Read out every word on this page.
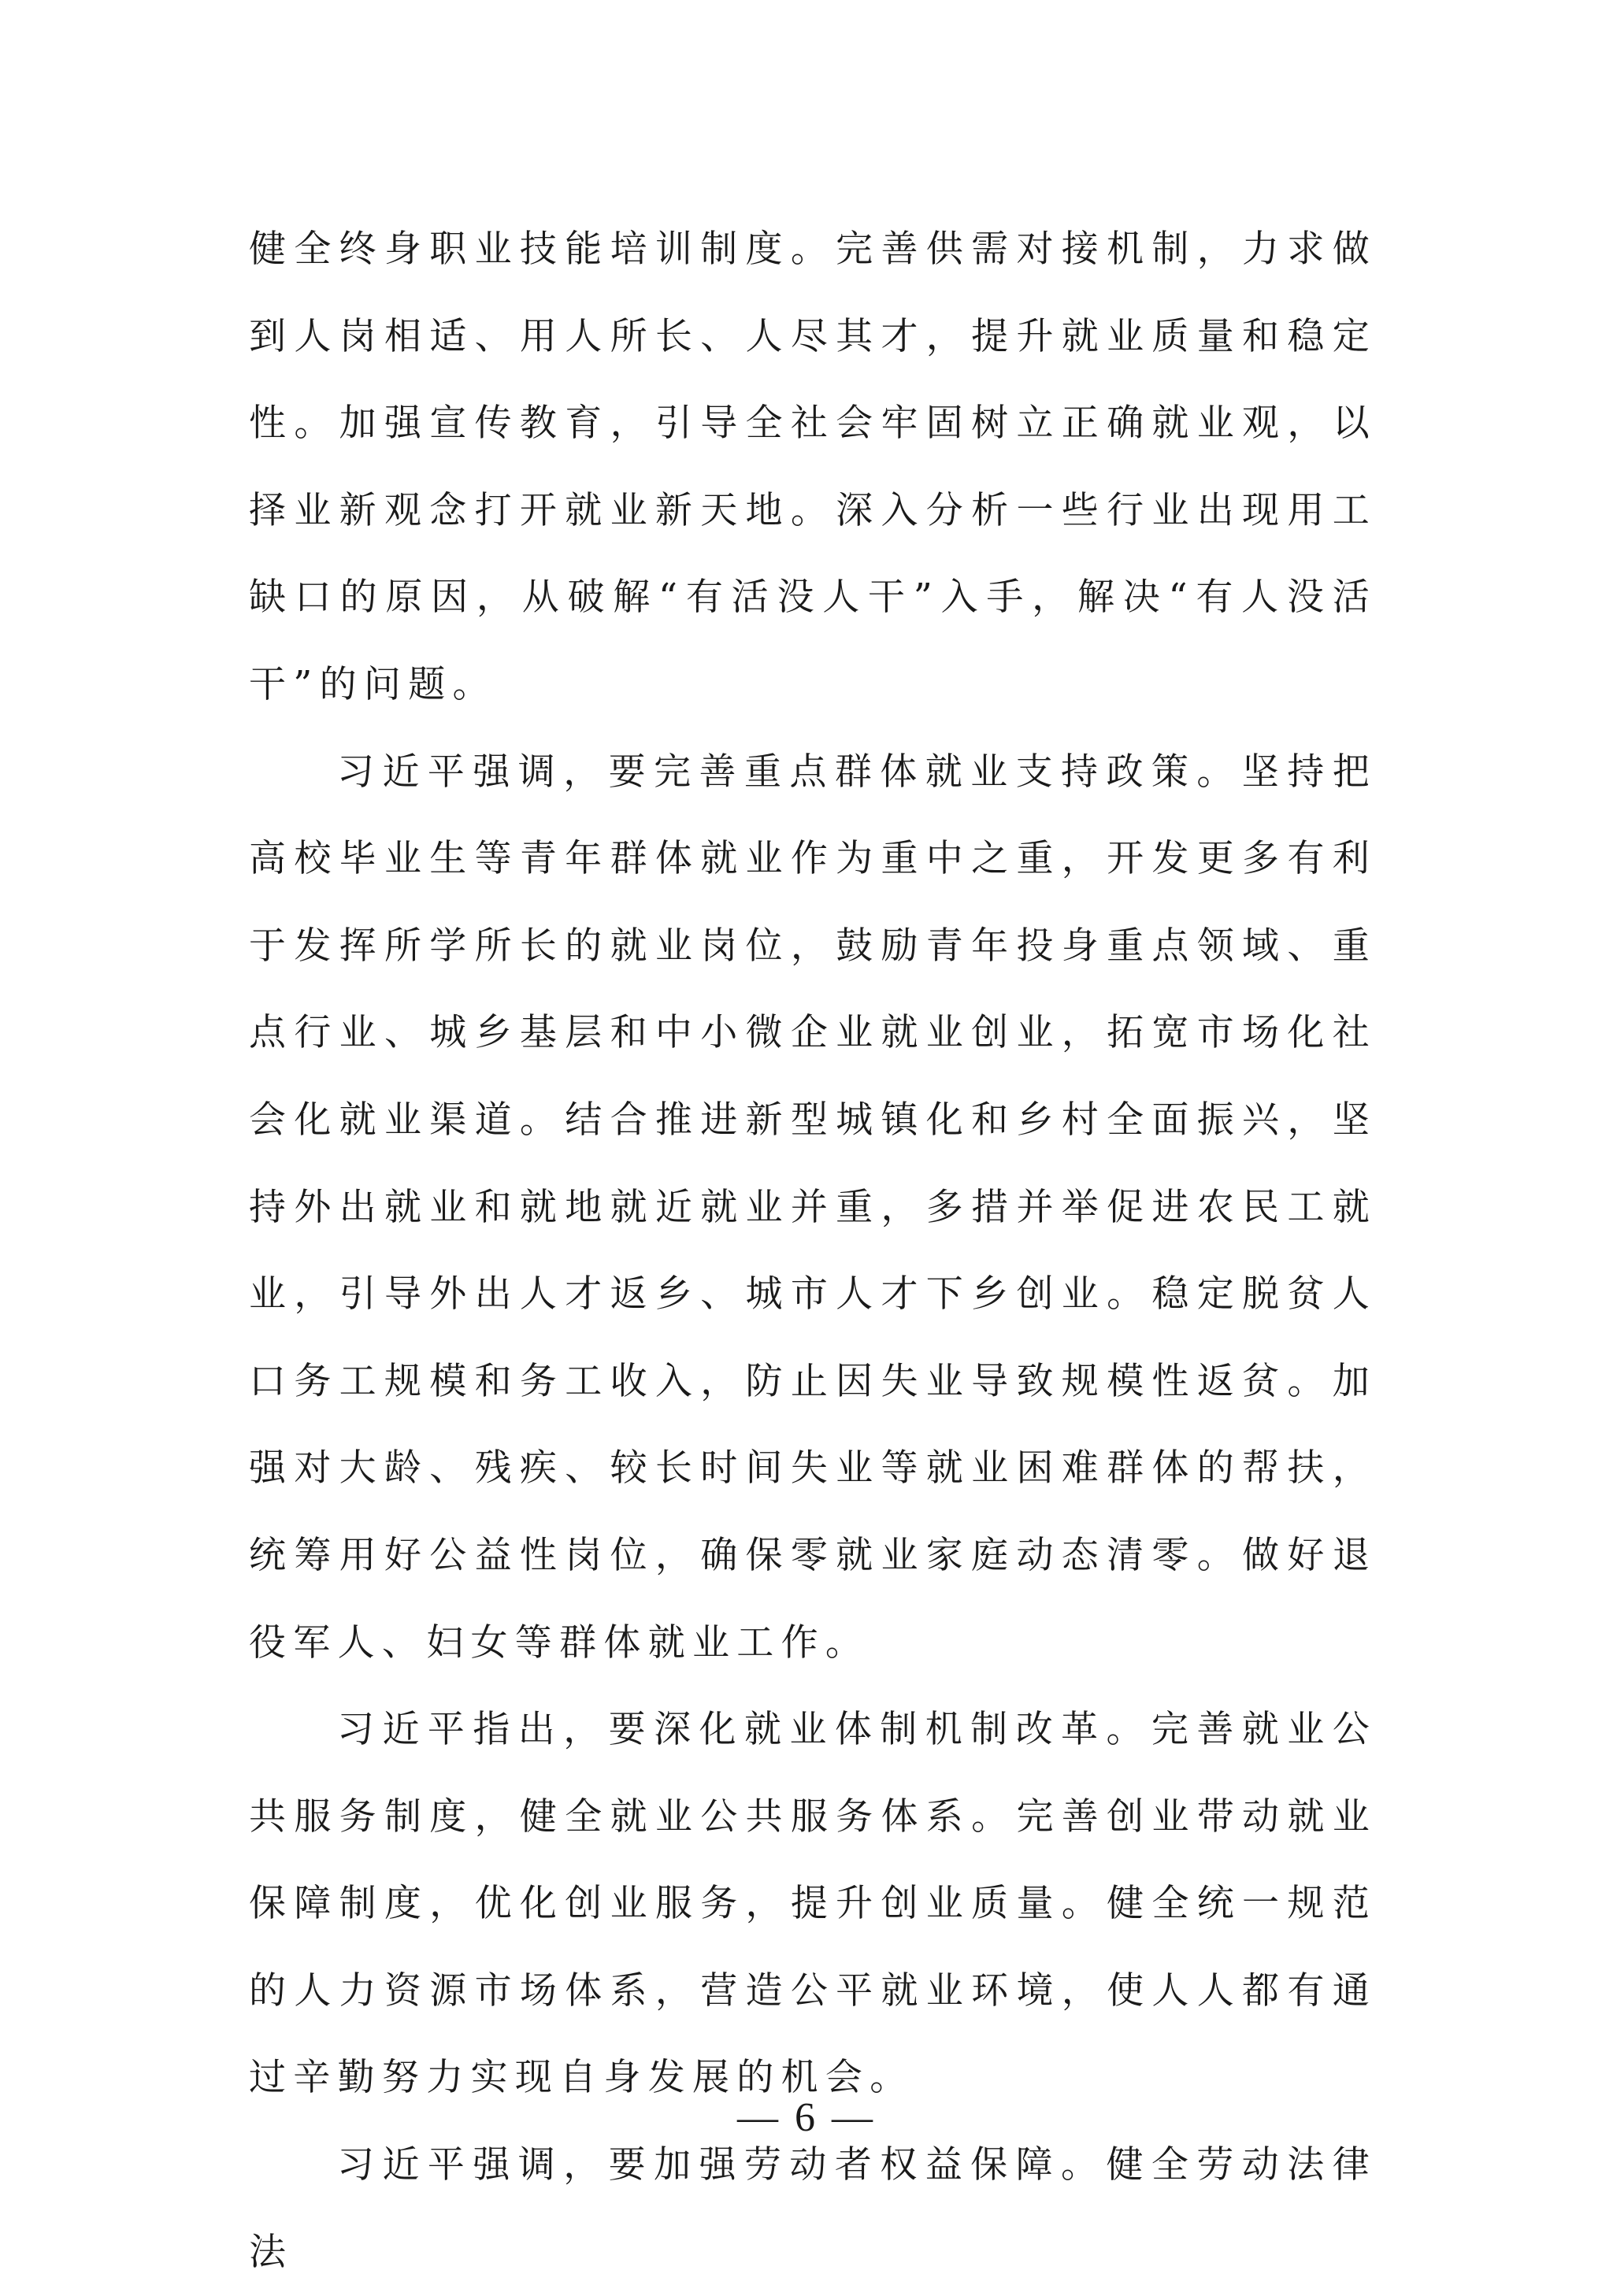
健全终身职业技能培训制度。完善供需对接机制，力求做到人岗相适、用人所长、人尽其才，提升就业质量和稳定性。加强宣传教育，引导全社会牢固树立正确就业观，以择业新观念打开就业新天地。深入分析一些行业出现用工缺口的原因，从破解“有活没人干”入手，解决“有人没活干”的问题。

习近平强调，要完善重点群体就业支持政策。坚持把高校毕业生等青年群体就业作为重中之重，开发更多有利于发挥所学所长的就业岗位，鼓励青年投身重点领域、重点行业、城乡基层和中小微企业就业创业，拓宽市场化社会化就业渠道。结合推进新型城镇化和乡村全面振兴，坚持外出就业和就地就近就业并重，多措并举促进农民工就业，引导外出人才返乡、城市人才下乡创业。稳定脱贫人口务工规模和务工收入，防止因失业导致规模性返贫。加强对大龄、残疾、较长时间失业等就业困难群体的帮扶，统筹用好公益性岗位，确保零就业家庭动态清零。做好退役军人、妇女等群体就业工作。

习近平指出，要深化就业体制机制改革。完善就业公共服务制度，健全就业公共服务体系。完善创业带动就业保障制度，优化创业服务，提升创业质量。健全统一规范的人力资源市场体系，营造公平就业环境，使人人都有通过辛勤努力实现自身发展的机会。

习近平强调，要加强劳动者权益保障。健全劳动法律法

— 6 —
